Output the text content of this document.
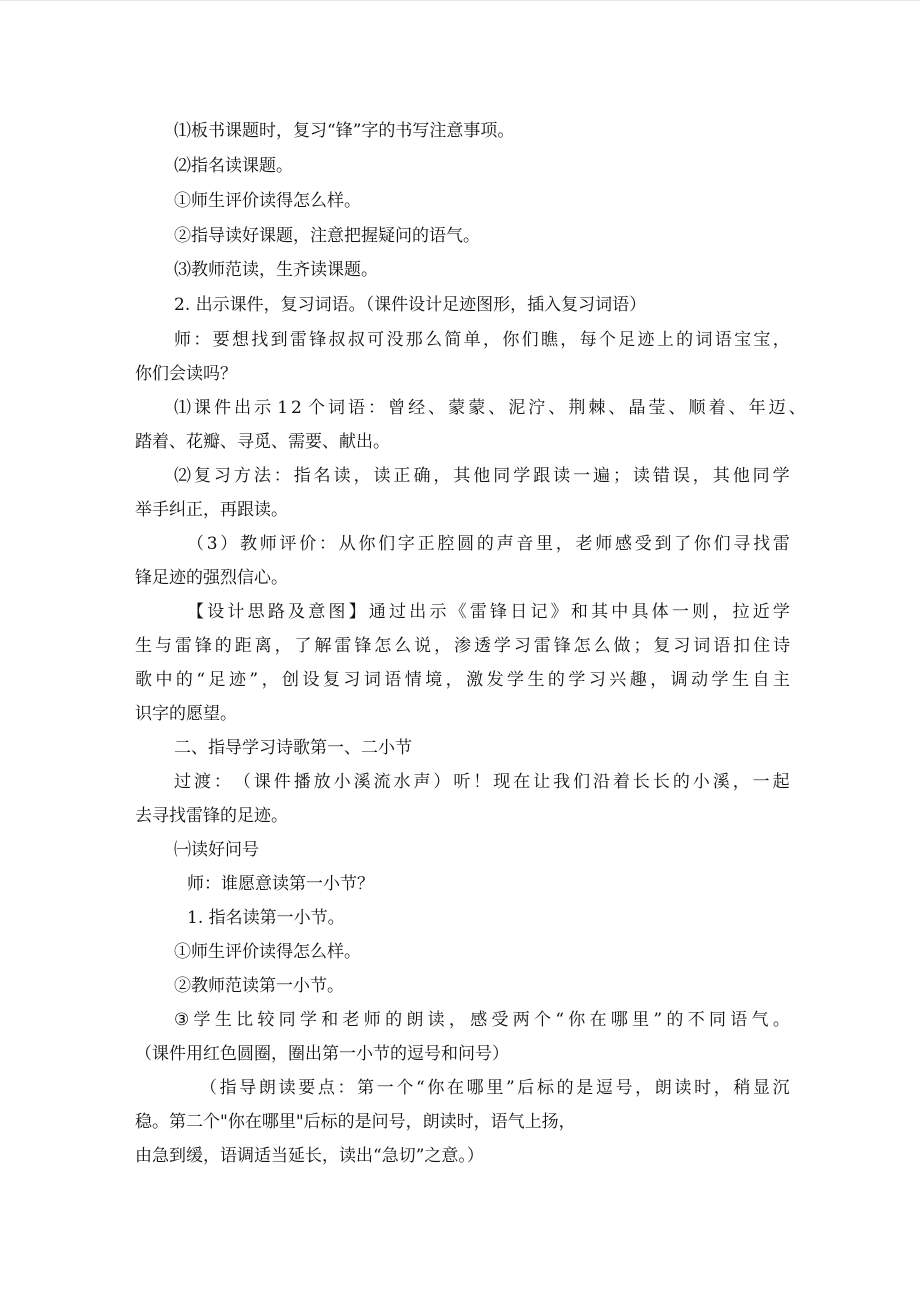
⑴板书课题时，复习“锋”字的书写注意事项。
⑵指名读课题。
①师生评价读得怎么样。
②指导读好课题，注意把握疑问的语气。
⑶教师范读，生齐读课题。
2. 出示课件，复习词语。（课件设计足迹图形，插入复习词语）
师 ： 要 想 找 到 雷 锋 叔 叔 可 没 那 么 简 单 ， 你 们 瞧 ， 每 个 足 迹 上 的 词 语 宝 宝 ，
你们会读吗？
⑴ 课 件 出 示 1 2 个 词 语 ： 曾 经 、 蒙 蒙 、 泥 泞 、 荆 棘 、 晶 莹 、 顺 着 、 年 迈 、
踏着、花瓣、寻觅、需要、献出。
⑵ 复 习 方 法 ： 指 名 读 ， 读 正 确 ， 其 他 同 学 跟 读 一 遍 ； 读 错 误 ， 其 他 同 学
举手纠正，再跟读。
（ 3 ） 教 师 评 价 ： 从 你 们 字 正 腔 圆 的 声 音 里 ， 老 师 感 受 到 了 你 们 寻 找 雷
锋足迹的强烈信心。
【 设 计 思 路 及 意 图 】 通 过 出 示 《 雷 锋 日 记 》 和 其 中 具 体 一 则 ， 拉 近 学
生 与 雷 锋 的 距 离 ， 了 解 雷 锋 怎 么 说 ， 渗 透 学 习 雷 锋 怎 么 做 ； 复 习 词 语 扣 住 诗
歌 中 的 “ 足 迹 ” ， 创 设 复 习 词 语 情 境 ， 激 发 学 生 的 学 习 兴 趣 ， 调 动 学 生 自 主
识字的愿望。
二、指导学习诗歌第一、二小节
过 渡 ： （ 课 件 播 放 小 溪 流 水 声 ） 听 ！ 现 在 让 我 们 沿 着 长 长 的 小 溪 ， 一 起
去寻找雷锋的足迹。
㈠读好问号
师：谁愿意读第一小节？
1. 指名读第一小节。
①师生评价读得怎么样。
②教师范读第一小节。
③ 学 生 比 较 同 学 和 老 师 的 朗 读 ， 感 受 两 个 “ 你 在 哪 里 ” 的 不 同 语 气 。
（课件用红色圆圈，圈出第一小节的逗号和问号）
（ 指 导 朗 读 要 点 ： 第 一 个 “ 你 在 哪 里 ” 后 标 的 是 逗 号 ， 朗 读 时 ， 稍 显 沉
稳。第二个"你在哪里"后标的是问号，朗读时，语气上扬，
由急到缓，语调适当延长，读出“急切”之意。）
